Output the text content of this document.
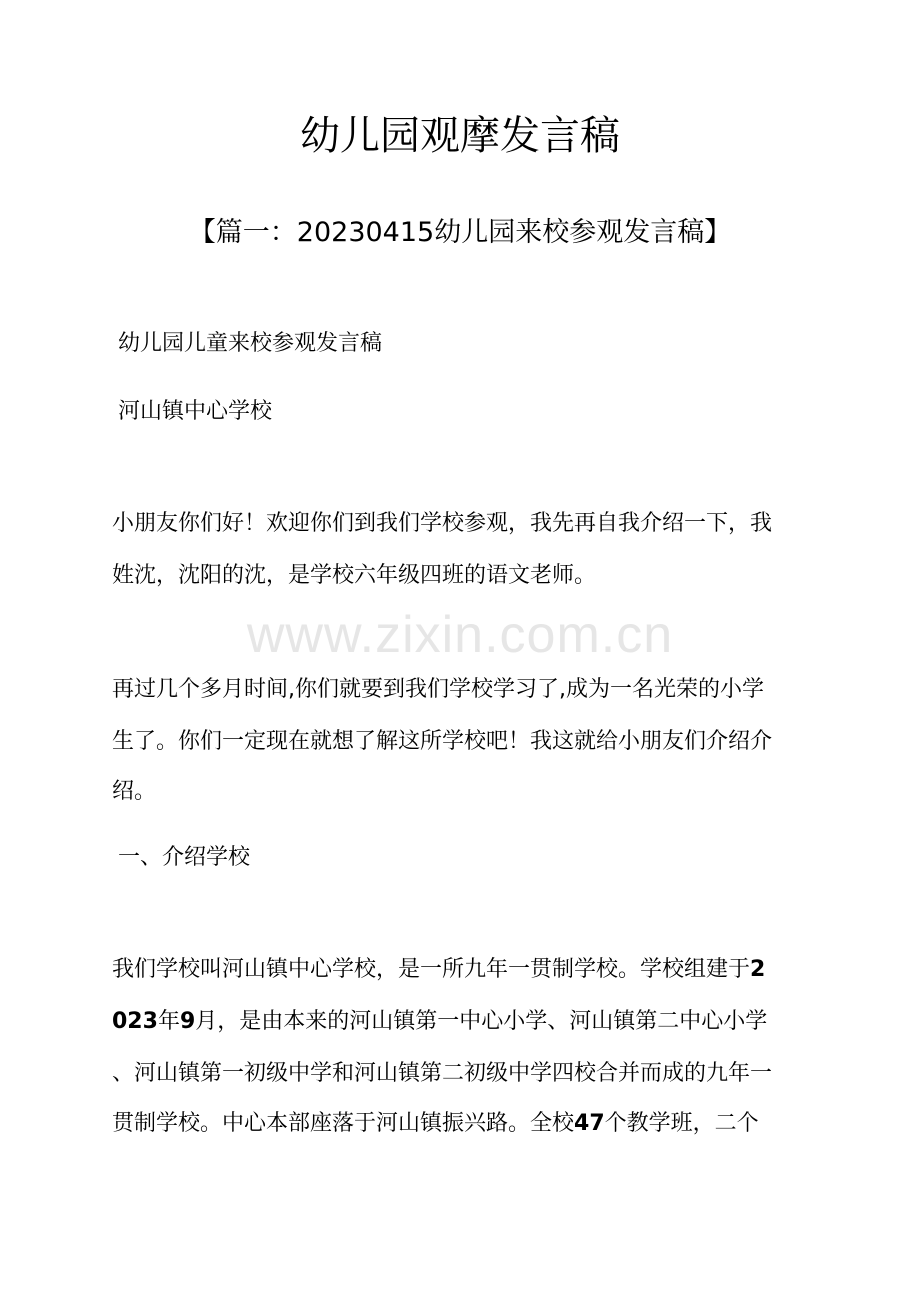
幼儿园观摩发言稿
【篇一：20230415幼儿园来校参观发言稿】

幼儿园儿童来校参观发言稿

河山镇中心学校

小朋友你们好！欢迎你们到我们学校参观，我先再自我介绍一下，我

姓沈，沈阳的沈，是学校六年级四班的语文老师。

www.zixin.com.cn

再过几个多月时间,你们就要到我们学校学习了,成为一名光荣的小学

生了。你们一定现在就想了解这所学校吧！我这就给小朋友们介绍介

绍。

一、介绍学校

我们学校叫河山镇中心学校，是一所九年一贯制学校。学校组建于2

023年9月，是由本来的河山镇第一中心小学、河山镇第二中心小学

、河山镇第一初级中学和河山镇第二初级中学四校合并而成的九年一

贯制学校。中心本部座落于河山镇振兴路。全校47个教学班，二个
